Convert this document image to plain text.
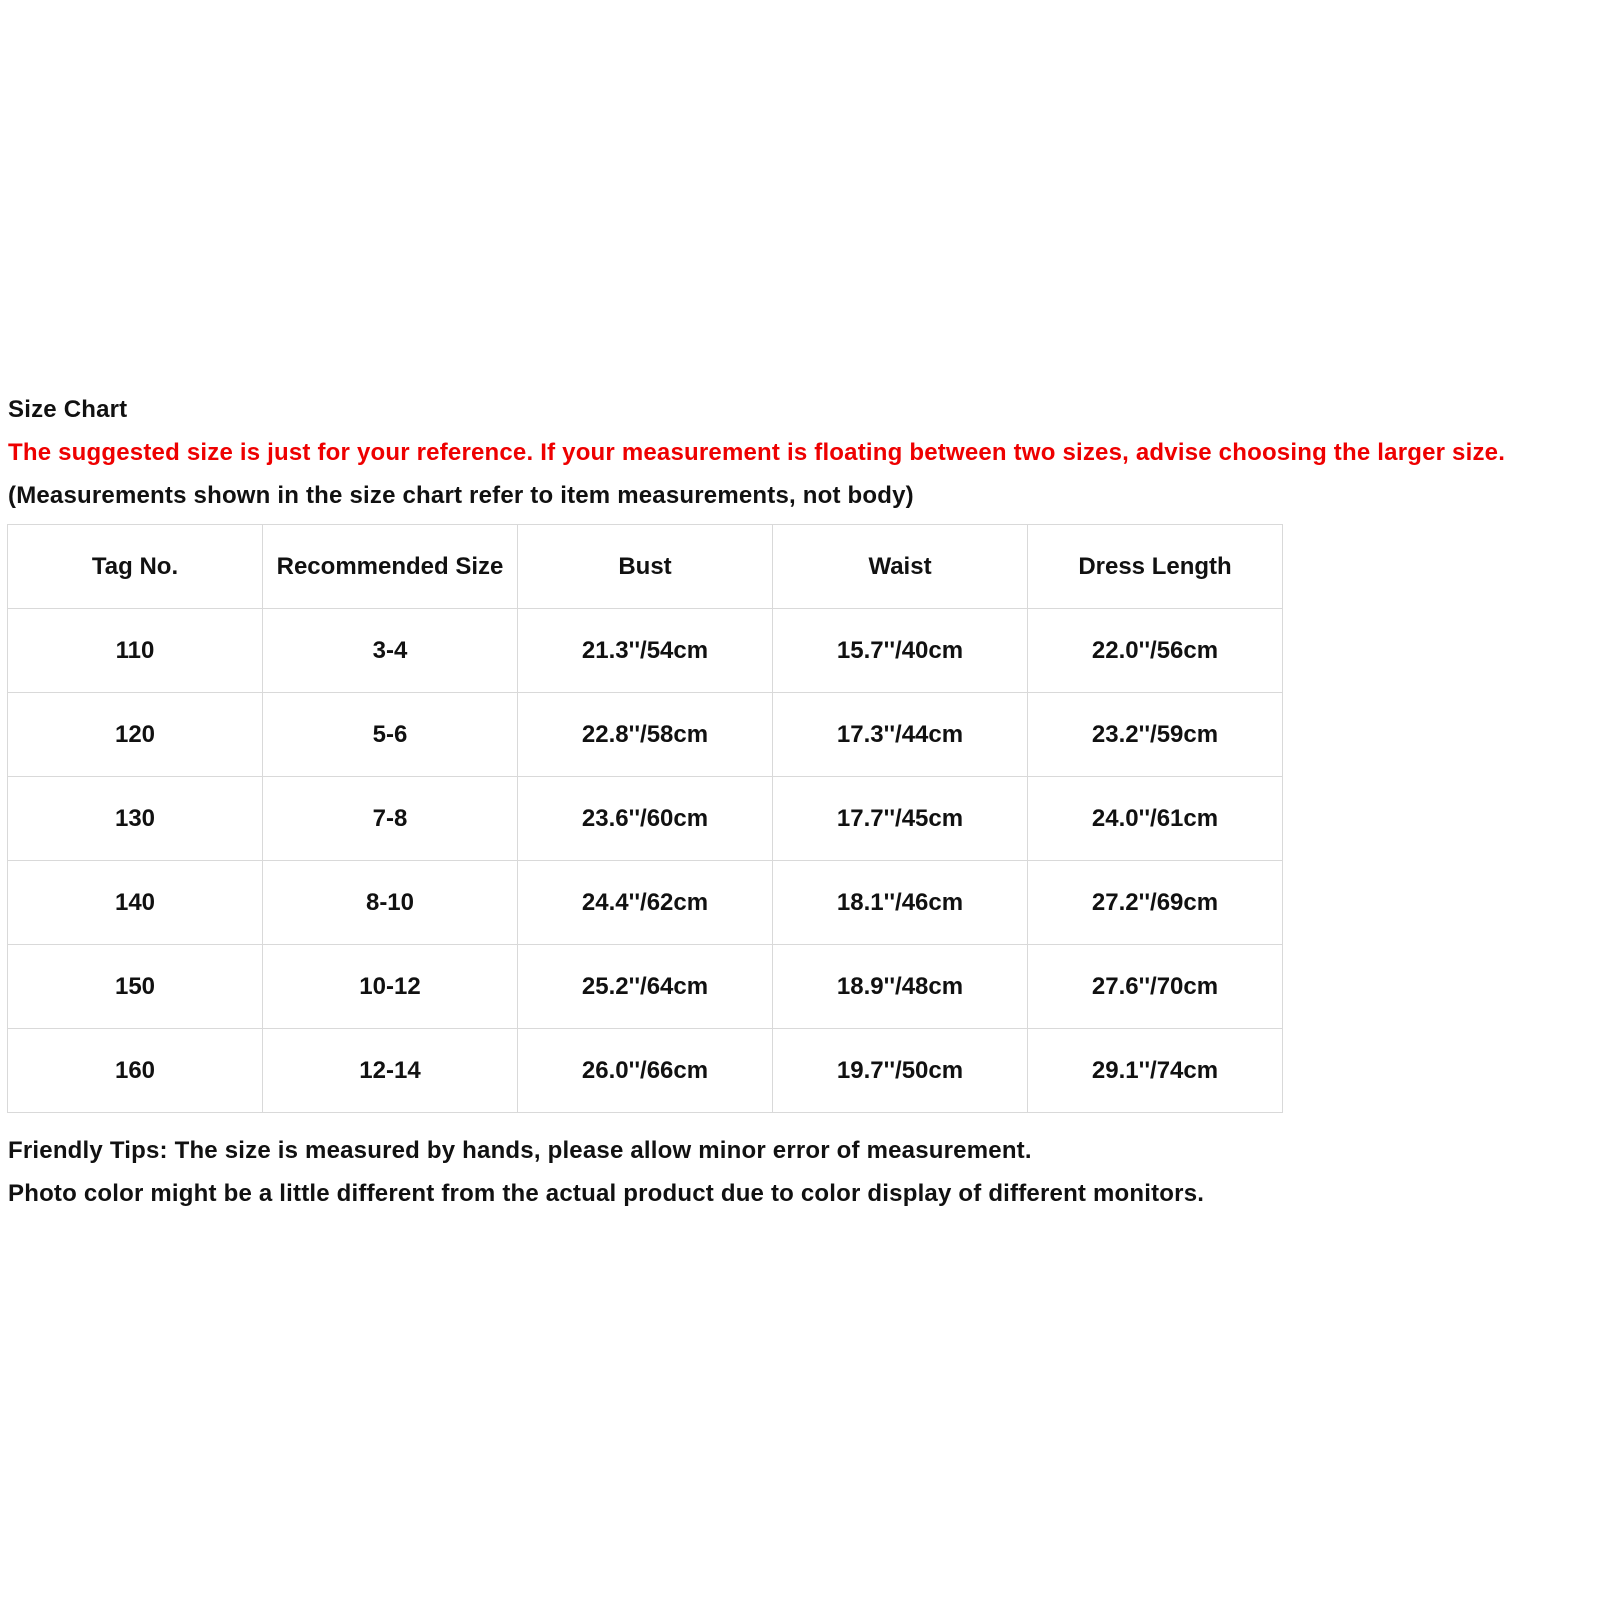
Size Chart
The suggested size is just for your reference. If your measurement is floating between two sizes, advise choosing the larger size.
(Measurements shown in the size chart refer to item measurements, not body)
Tag No.	Recommended Size	Bust	Waist	Dress Length
110	3-4	21.3''/54cm	15.7''/40cm	22.0''/56cm
120	5-6	22.8''/58cm	17.3''/44cm	23.2''/59cm
130	7-8	23.6''/60cm	17.7''/45cm	24.0''/61cm
140	8-10	24.4''/62cm	18.1''/46cm	27.2''/69cm
150	10-12	25.2''/64cm	18.9''/48cm	27.6''/70cm
160	12-14	26.0''/66cm	19.7''/50cm	29.1''/74cm
Friendly Tips: The size is measured by hands, please allow minor error of measurement.
Photo color might be a little different from the actual product due to color display of different monitors.
